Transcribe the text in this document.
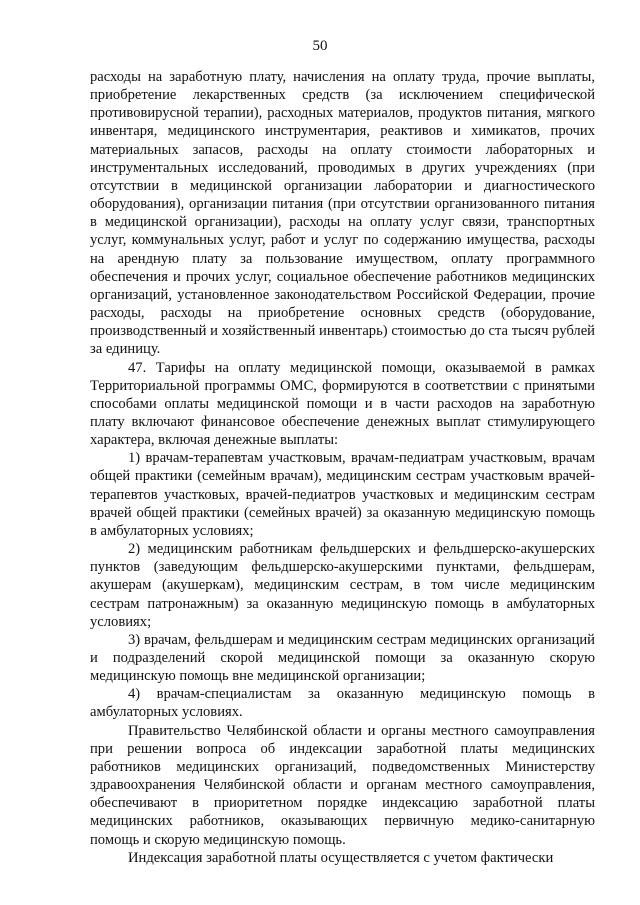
50

расходы на заработную плату, начисления на оплату труда, прочие выплаты, приобретение лекарственных средств (за исключением специфической противовирусной терапии), расходных материалов, продуктов питания, мягкого инвентаря, медицинского инструментария, реактивов и химикатов, прочих материальных запасов, расходы на оплату стоимости лабораторных и инструментальных исследований, проводимых в других учреждениях (при отсутствии в медицинской организации лаборатории и диагностического оборудования), организации питания (при отсутствии организованного питания в медицинской организации), расходы на оплату услуг связи, транспортных услуг, коммунальных услуг, работ и услуг по содержанию имущества, расходы на арендную плату за пользование имуществом, оплату программного обеспечения и прочих услуг, социальное обеспечение работников медицинских организаций, установленное законодательством Российской Федерации, прочие расходы, расходы на приобретение основных средств (оборудование, производственный и хозяйственный инвентарь) стоимостью до ста тысяч рублей за единицу.

47. Тарифы на оплату медицинской помощи, оказываемой в рамках Территориальной программы ОМС, формируются в соответствии с принятыми способами оплаты медицинской помощи и в части расходов на заработную плату включают финансовое обеспечение денежных выплат стимулирующего характера, включая денежные выплаты:

1) врачам-терапевтам участковым, врачам-педиатрам участковым, врачам общей практики (семейным врачам), медицинским сестрам участковым врачей-терапевтов участковых, врачей-педиатров участковых и медицинским сестрам врачей общей практики (семейных врачей) за оказанную медицинскую помощь в амбулаторных условиях;

2) медицинским работникам фельдшерских и фельдшерско-акушерских пунктов (заведующим фельдшерско-акушерскими пунктами, фельдшерам, акушерам (акушеркам), медицинским сестрам, в том числе медицинским сестрам патронажным) за оказанную медицинскую помощь в амбулаторных условиях;

3) врачам, фельдшерам и медицинским сестрам медицинских организаций и подразделений скорой медицинской помощи за оказанную скорую медицинскую помощь вне медицинской организации;

4) врачам-специалистам за оказанную медицинскую помощь в амбулаторных условиях.

Правительство Челябинской области и органы местного самоуправления при решении вопроса об индексации заработной платы медицинских работников медицинских организаций, подведомственных Министерству здравоохранения Челябинской области и органам местного самоуправления, обеспечивают в приоритетном порядке индексацию заработной платы медицинских работников, оказывающих первичную медико-санитарную помощь и скорую медицинскую помощь.

Индексация заработной платы осуществляется с учетом фактически
